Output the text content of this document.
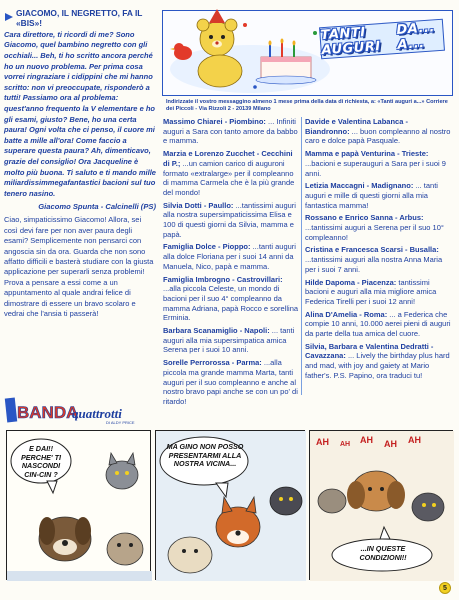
GIACOMO, IL NEGRETTO, FA IL «BIS»!
Cara direttore, ti ricordi di me? Sono Giacomo, quel bambino negretto con gli occhiali... Beh, ti ho scritto ancora perché ho un nuovo problema. Per prima cosa vorrei ringraziare i cidippini che mi hanno scritto: non vi preoccupate, risponderò a tutti! Passiamo ora al problema: quest'anno frequento la V elementare e ho gli esami, giusto? Bene, ho una certa paura! Ogni volta che ci penso, il cuore mi batte a mille all'ora! Come faccio a superare questa paura? Ah, dimenticavo, grazie del consiglio! Ora Jacqueline è molto più buona. Ti saluto e ti mando mille miliardissimmegafantastici bacioni sul tuo tenero nasino.
Giacomo Spunta - Calcinelli (PS)
Ciao, simpaticissimo Giacomo! Allora, sei così devi fare per non aver paura degli esami? Semplicemente non pensarci con angoscia sin da ora. Guarda che non sono affatto difficili e basterà studiare con la giusta applicazione per superarli senza problemi! Prova a pensare a essi come a un appuntamento al quale andrai felice di dimostrare di essere un bravo scolaro e vedrai che l'ansia ti passerà!
BANDA
quattrotti
DI ALDY PRICE
TANTI AUGURI

DA... A...
Indirizzate il vostro messaggino almeno 1 mese prima della data di richiesta, a: «Tanti auguri a...» Corriere dei Piccoli - Via Rizzoli 2 - 20139 Milano

Massimo Chiarei - Piombino: ... Infiniti auguri a Sara con tanto amore da babbo e mamma.

Marzia e Lorenzo Zucchet - Cecchini di P.; ...un camion carico di auguroni formato «extralarge» per il compleanno di mamma Carmela che è la più grande del mondo!

Silvia Dotti - Paullo: ...tantissimi auguri alla nostra supersimpaticissima Elisa e 100 di questi giorni da Silvia, mamma e papà.

Famiglia Dolce - Pioppo: ...tanti auguri alla dolce Floriana per i suoi 14 anni da Manuela, Nico, papà e mamma.

Famiglia Imbrogno - Castrovillari: ...alla piccola Celeste, un mondo di bacioni per il suo 4° compleanno da mamma Adriana, papà Rocco e sorellina Erminia.

Barbara Scanamiglio - Napoli: ... tanti auguri alla mia supersimpatica amica Serena per i suoi 10 anni.

Sorelle Perrorossa - Parma: ...alla piccola ma grande mamma Marta, tanti auguri per il suo compleanno e anche al nostro bravo papi anche se con un po' di ritardo!

Davide e Valentina Labanca - Biandronno: ... buon compleanno al nostro caro e dolce papà Pasquale.

Mamma e papà Venturina - Trieste: ...bacioni e superauguri a Sara per i suoi 9 anni.

Letizia Maccagni - Madignano: ... tanti auguri e mille di questi giorni alla mia fantastica mamma!

Rossano e Enrico Sanna - Arbus: ...tantissimi auguri a Serena per il suo 10° compleanno!

Cristina e Francesca Scarsi - Busalla: ...tantissimi auguri alla nostra Anna Maria per i suoi 7 anni.

Hilde Dapoma - Piacenza: tantissimi bacioni e auguri alla mia migliore amica Federica Tirelli per i suoi 12 anni!

Alina D'Amelia - Roma: ... a Federica che compie 10 anni, 10.000 aerei pieni di auguri da parte della tua amica del cuore.

Silvia, Barbara e Valentina Dedratti - Cavazzana: ... Lively the birthday plus hard and mad, with joy and gaiety at Mario father's. P.S. Papino, ora traduci tu!

E DAI!! PERCHE' TI NASCONDI CIN-CIN ?
MA GINO NON POSSO PRESENTARMI ALLA NOSTRA VICINA...
AH AH AH AH AH
...IN QUESTE CONDIZIONI!!
5
